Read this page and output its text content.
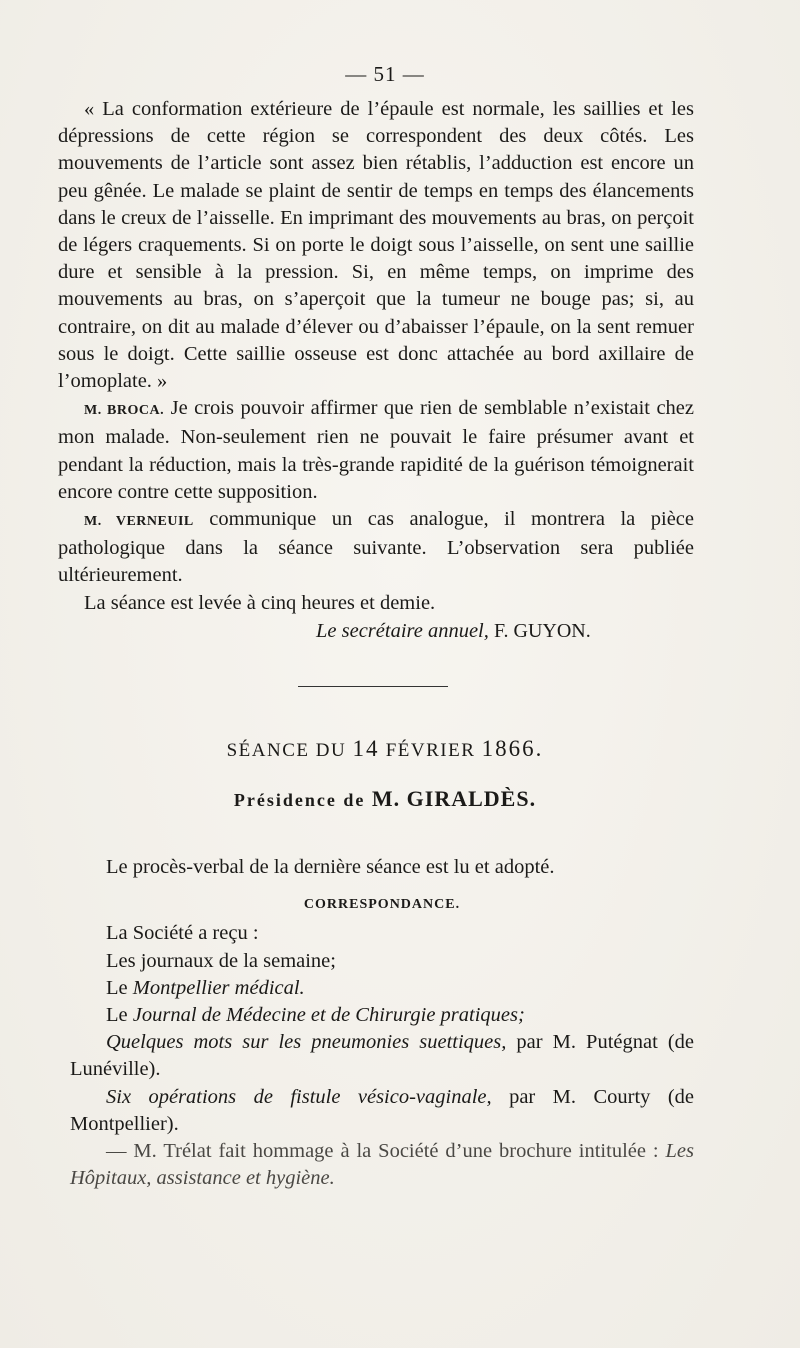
— 51 —

« La conformation extérieure de l’épaule est normale, les saillies et les dépressions de cette région se correspondent des deux côtés. Les mouvements de l’article sont assez bien rétablis, l’adduction est encore un peu gênée. Le malade se plaint de sentir de temps en temps des élancements dans le creux de l’aisselle. En imprimant des mouvements au bras, on perçoit de légers craquements. Si on porte le doigt sous l’aisselle, on sent une saillie dure et sensible à la pression. Si, en même temps, on imprime des mouvements au bras, on s’aperçoit que la tumeur ne bouge pas; si, au contraire, on dit au malade d’élever ou d’abaisser l’épaule, on la sent remuer sous le doigt. Cette saillie osseuse est donc attachée au bord axillaire de l’omoplate. »

M. BROCA. Je crois pouvoir affirmer que rien de semblable n’existait chez mon malade. Non-seulement rien ne pouvait le faire présumer avant et pendant la réduction, mais la très-grande rapidité de la guérison témoignerait encore contre cette supposition.

M. VERNEUIL communique un cas analogue, il montrera la pièce pathologique dans la séance suivante. L’observation sera publiée ultérieurement.

La séance est levée à cinq heures et demie.

Le secrétaire annuel, F. GUYON.
SÉANCE DU 14 FÉVRIER 1866.
Présidence de M. GIRALDÈS.

Le procès-verbal de la dernière séance est lu et adopté.

CORRESPONDANCE.

La Société a reçu :

Les journaux de la semaine;

Le Montpellier médical.

Le Journal de Médecine et de Chirurgie pratiques;

Quelques mots sur les pneumonies suettiques, par M. Putégnat (de Lunéville).

Six opérations de fistule vésico-vaginale, par M. Courty (de Montpellier).

— M. Trélat fait hommage à la Société d’une brochure intitulée : Les Hôpitaux, assistance et hygiène.
